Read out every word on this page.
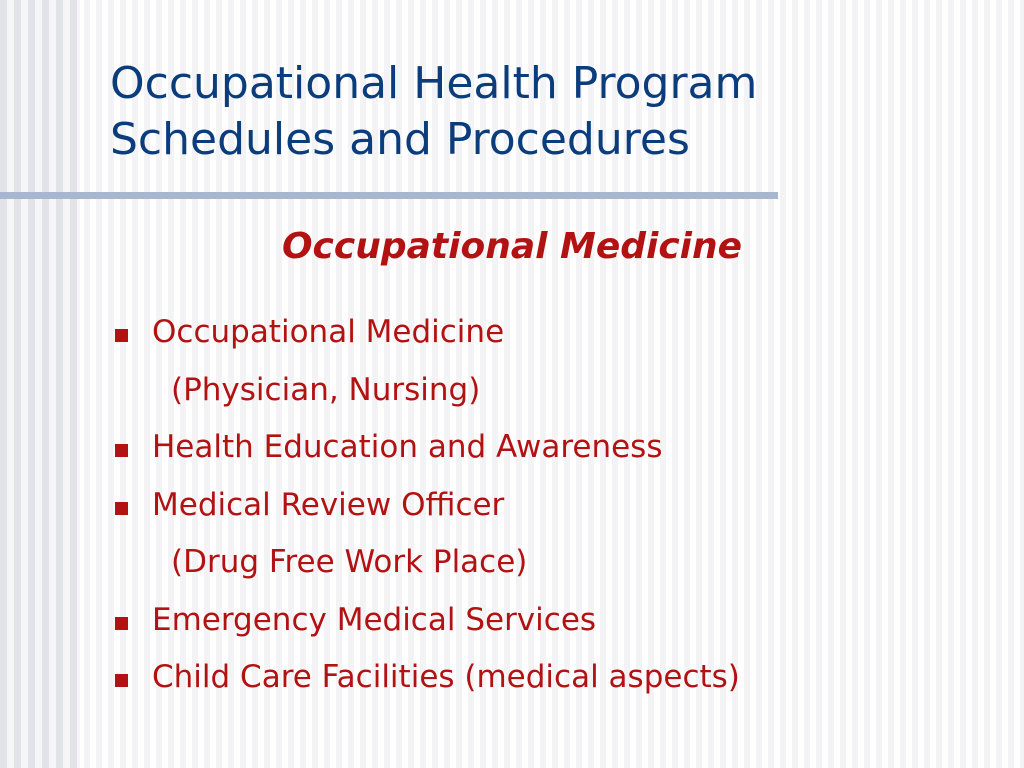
Occupational Health Program
Schedules and Procedures
Occupational Medicine
Occupational Medicine
(Physician, Nursing)
Health Education and Awareness
Medical Review Officer
(Drug Free Work Place)
Emergency Medical Services
Child Care Facilities (medical aspects)
